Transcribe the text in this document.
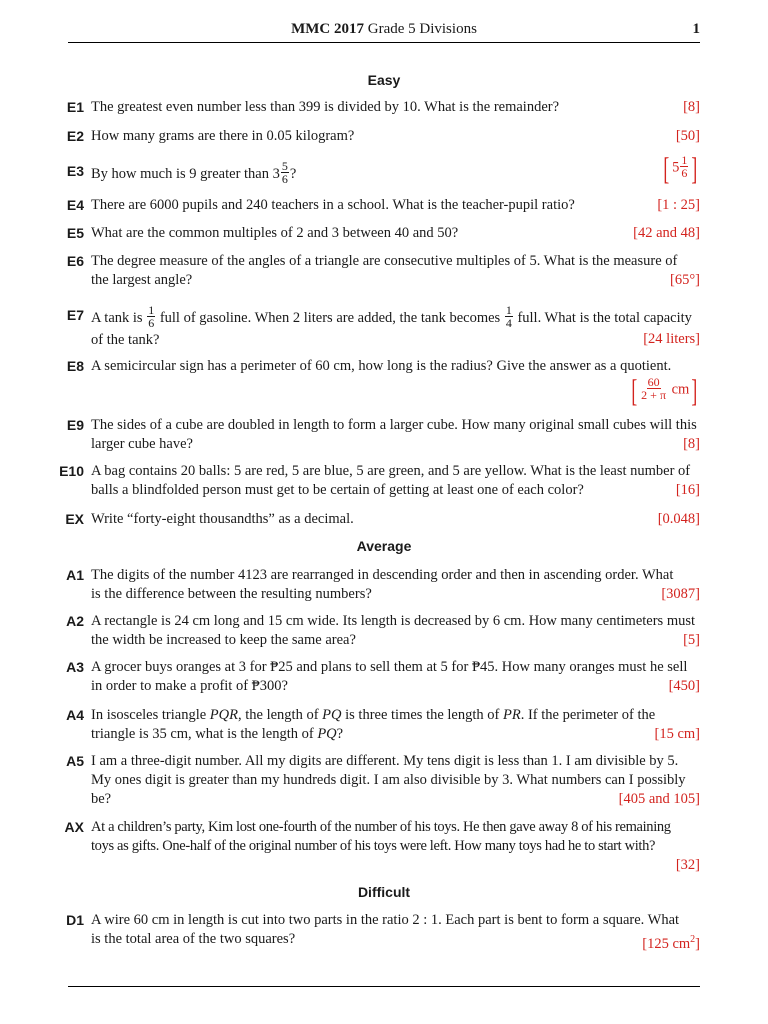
MMC 2017 Grade 5 Divisions	1
Easy
E1 The greatest even number less than 399 is divided by 10. What is the remainder?	[8]
E2 How many grams are there in 0.05 kilogram?	[50]
E3 By how much is 9 greater than $3 \frac{5}{6}$ ?	[ $5 \frac{1}{6}$ ]
E4 There are 6000 pupils and 240 teachers in a school. What is the teacher-pupil ratio?	[1 : 25]
E5 What are the common multiples of 2 and 3 between 40 and 50?	[42 and 48]
E6 The degree measure of the angles of a triangle are consecutive multiples of 5. What is the measure of
the largest angle?	[65°]
E7 A tank is $\frac{1}{6}$ full of gasoline. When 2 liters are added, the tank becomes $\frac{1}{4}$ full. What is the total capacity
of the tank?	[24 liters]
E8 A semicircular sign has a perimeter of 60 cm, how long is the radius? Give the answer as a quotient.
[ $\frac{60}{2 + \pi} cm$]
E9 The sides of a cube are doubled in length to form a larger cube. How many original small cubes will this
larger cube have?	[8]
E10 A bag contains 20 balls: 5 are red, 5 are blue, 5 are green, and 5 are yellow. What is the least number of
balls a blindfolded person must get to be certain of getting at least one of each color?	[16]
EX Write “forty-eight thousandths” as a decimal.	[0.048]
Average
A1 The digits of the number 4123 are rearranged in descending order and then in ascending order. What
is the difference between the resulting numbers?	[3087]
A2 A rectangle is 24 cm long and 15 cm wide. Its length is decreased by 6 cm. How many centimeters must
the width be increased to keep the same area?	[5]
A3 A grocer buys oranges at 3 for ₱25 and plans to sell them at 5 for ₱45. How many oranges must he sell
in order to make a profit of ₱300?	[450]
A4 In isosceles triangle PQR, the length of PQ is three times the length of PR. If the perimeter of the
triangle is 35 cm, what is the length of PQ?	[15 cm]
A5 I am a three-digit number. All my digits are different. My tens digit is less than 1. I am divisible by 5.
My ones digit is greater than my hundreds digit. I am also divisible by 3. What numbers can I possibly
be?	[405 and 105]
AX At a children’s party, Kim lost one-fourth of the number of his toys. He then gave away 8 of his remaining
toys as gifts. One-half of the original number of his toys were left. How many toys had he to start with?
[32]
Difficult
D1 A wire 60 cm in length is cut into two parts in the ratio 2 : 1. Each part is bent to form a square. What
is the total area of the two squares?	[125 $cm^2$]
